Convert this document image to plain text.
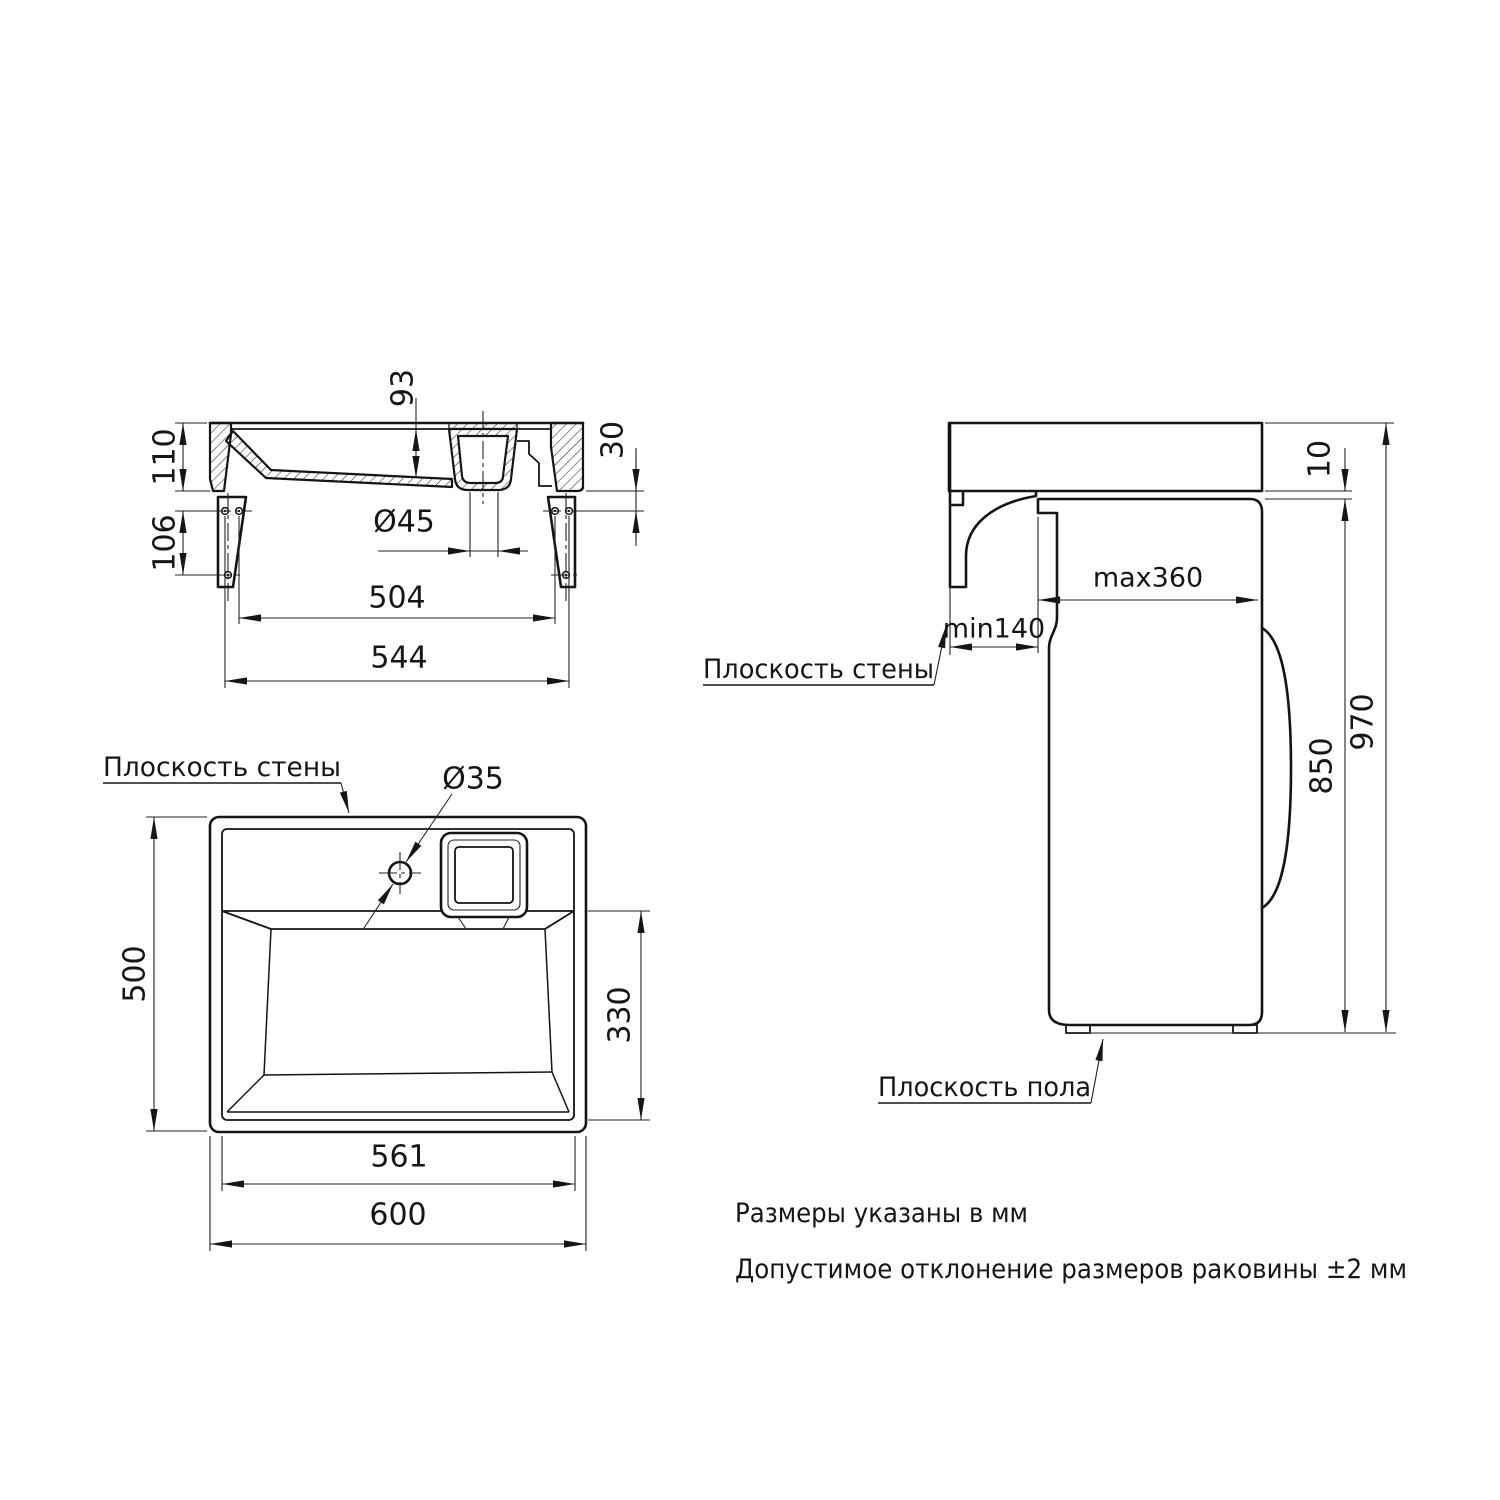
110
106
93
30
Ø45
504
544
Ø35
Плоскость стены
500
330
561
600
min140
max360
10
850
970
Плоскость стены
Плоскость пола
Размеры указаны в мм
Допустимое отклонение размеров раковины ±2 мм
